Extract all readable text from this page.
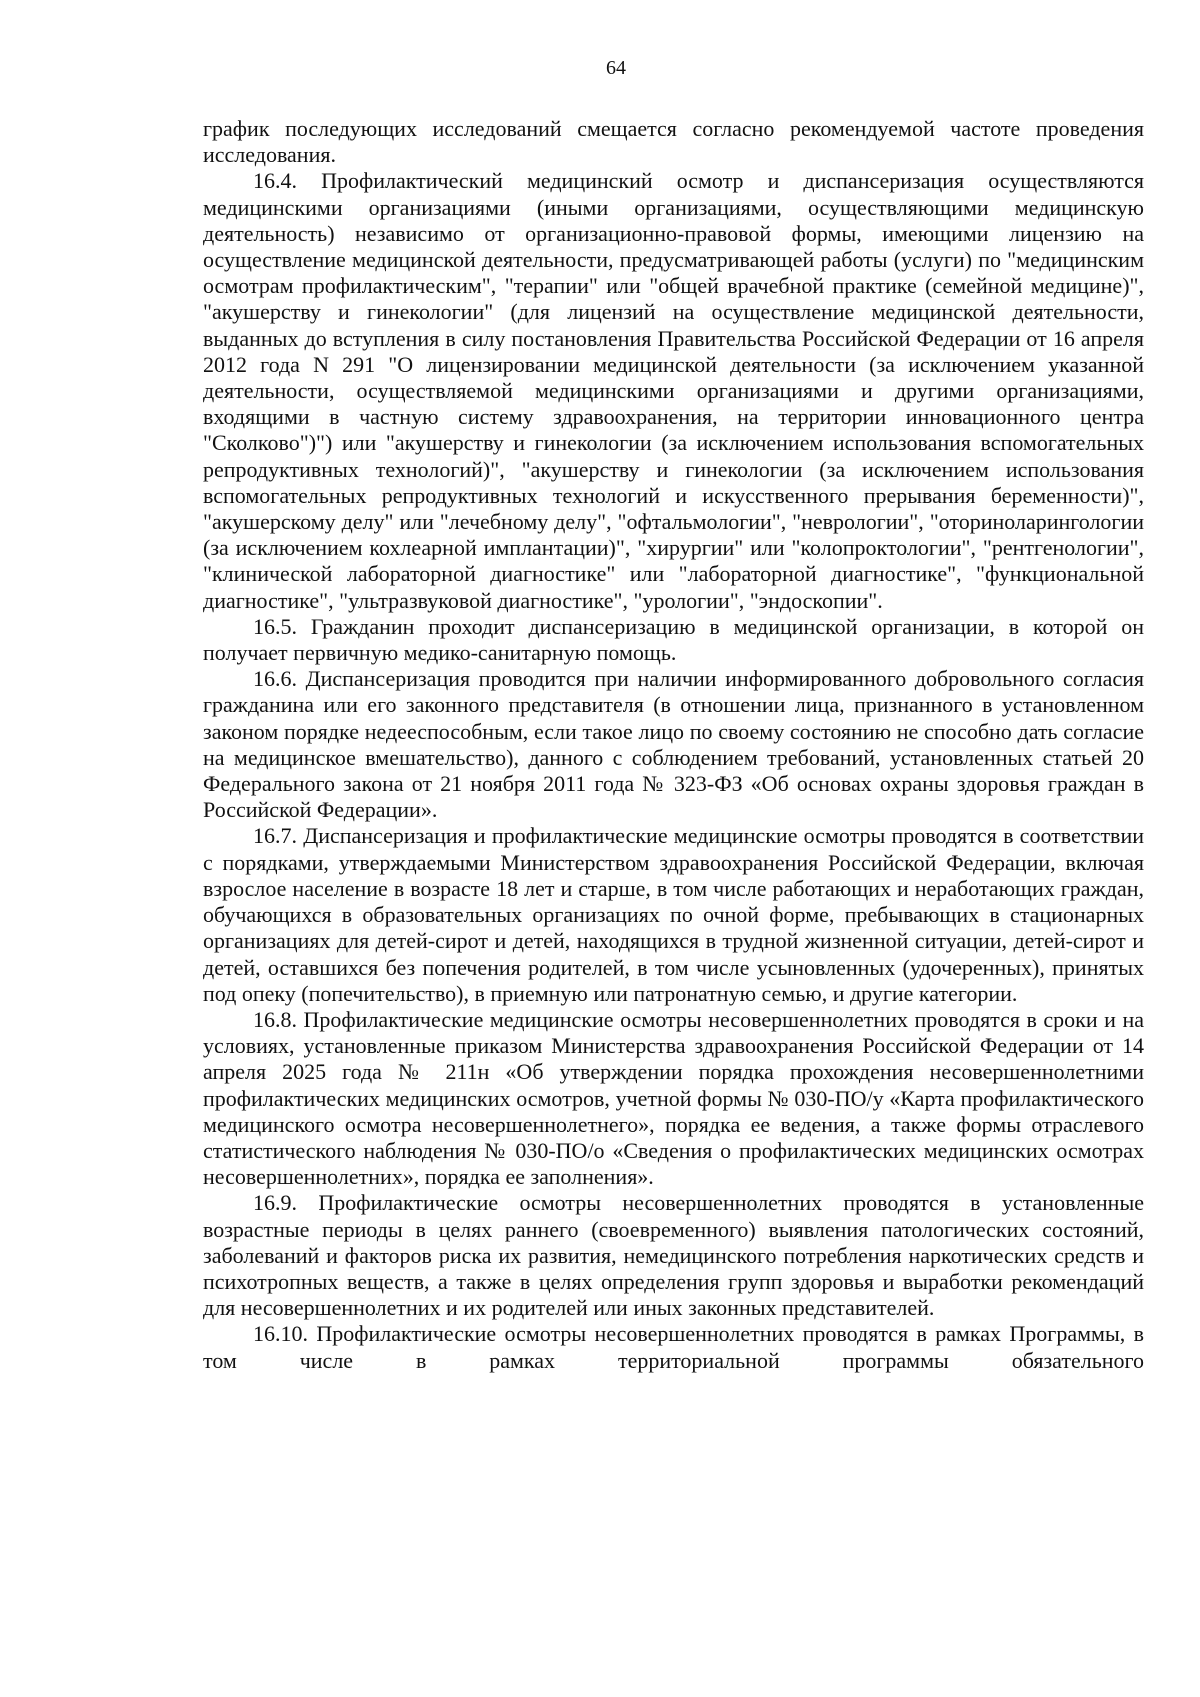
64

график последующих исследований смещается согласно рекомендуемой частоте проведения исследования.

16.4. Профилактический медицинский осмотр и диспансеризация осуществляются медицинскими организациями (иными организациями, осуществляющими медицинскую деятельность) независимо от организационно-правовой формы, имеющими лицензию на осуществление медицинской деятельности, предусматривающей работы (услуги) по "медицинским осмотрам профилактическим", "терапии" или "общей врачебной практике (семейной медицине)", "акушерству и гинекологии" (для лицензий на осуществление медицинской деятельности, выданных до вступления в силу постановления Правительства Российской Федерации от 16 апреля 2012 года N 291 "О лицензировании медицинской деятельности (за исключением указанной деятельности, осуществляемой медицинскими организациями и другими организациями, входящими в частную систему здравоохранения, на территории инновационного центра "Сколково")") или "акушерству и гинекологии (за исключением использования вспомогательных репродуктивных технологий)", "акушерству и гинекологии (за исключением использования вспомогательных репродуктивных технологий и искусственного прерывания беременности)", "акушерскому делу" или "лечебному делу", "офтальмологии", "неврологии", "оториноларингологии (за исключением кохлеарной имплантации)", "хирургии" или "колопроктологии", "рентгенологии", "клинической лабораторной диагностике" или "лабораторной диагностике", "функциональной диагностике", "ультразвуковой диагностике", "урологии", "эндоскопии".

16.5. Гражданин проходит диспансеризацию в медицинской организации, в которой он получает первичную медико-санитарную помощь.

16.6. Диспансеризация проводится при наличии информированного добровольного согласия гражданина или его законного представителя (в отношении лица, признанного в установленном законом порядке недееспособным, если такое лицо по своему состоянию не способно дать согласие на медицинское вмешательство), данного с соблюдением требований, установленных статьей 20 Федерального закона от 21 ноября 2011 года № 323-ФЗ «Об основах охраны здоровья граждан в Российской Федерации».

16.7. Диспансеризация и профилактические медицинские осмотры проводятся в соответствии с порядками, утверждаемыми Министерством здравоохранения Российской Федерации, включая взрослое население в возрасте 18 лет и старше, в том числе работающих и неработающих граждан, обучающихся в образовательных организациях по очной форме, пребывающих в стационарных организациях для детей-сирот и детей, находящихся в трудной жизненной ситуации, детей-сирот и детей, оставшихся без попечения родителей, в том числе усыновленных (удочеренных), принятых под опеку (попечительство), в приемную или патронатную семью, и другие категории.

16.8. Профилактические медицинские осмотры несовершеннолетних проводятся в сроки и на условиях, установленные приказом Министерства здравоохранения Российской Федерации от 14 апреля 2025 года № 211н «Об утверждении порядка прохождения несовершеннолетними профилактических медицинских осмотров, учетной формы № 030-ПО/у «Карта профилактического медицинского осмотра несовершеннолетнего», порядка ее ведения, а также формы отраслевого статистического наблюдения № 030-ПО/о «Сведения о профилактических медицинских осмотрах несовершеннолетних», порядка ее заполнения».

16.9. Профилактические осмотры несовершеннолетних проводятся в установленные возрастные периоды в целях раннего (своевременного) выявления патологических состояний, заболеваний и факторов риска их развития, немедицинского потребления наркотических средств и психотропных веществ, а также в целях определения групп здоровья и выработки рекомендаций для несовершеннолетних и их родителей или иных законных представителей.

16.10. Профилактические осмотры несовершеннолетних проводятся в рамках Программы, в том числе в рамках территориальной программы обязательного
